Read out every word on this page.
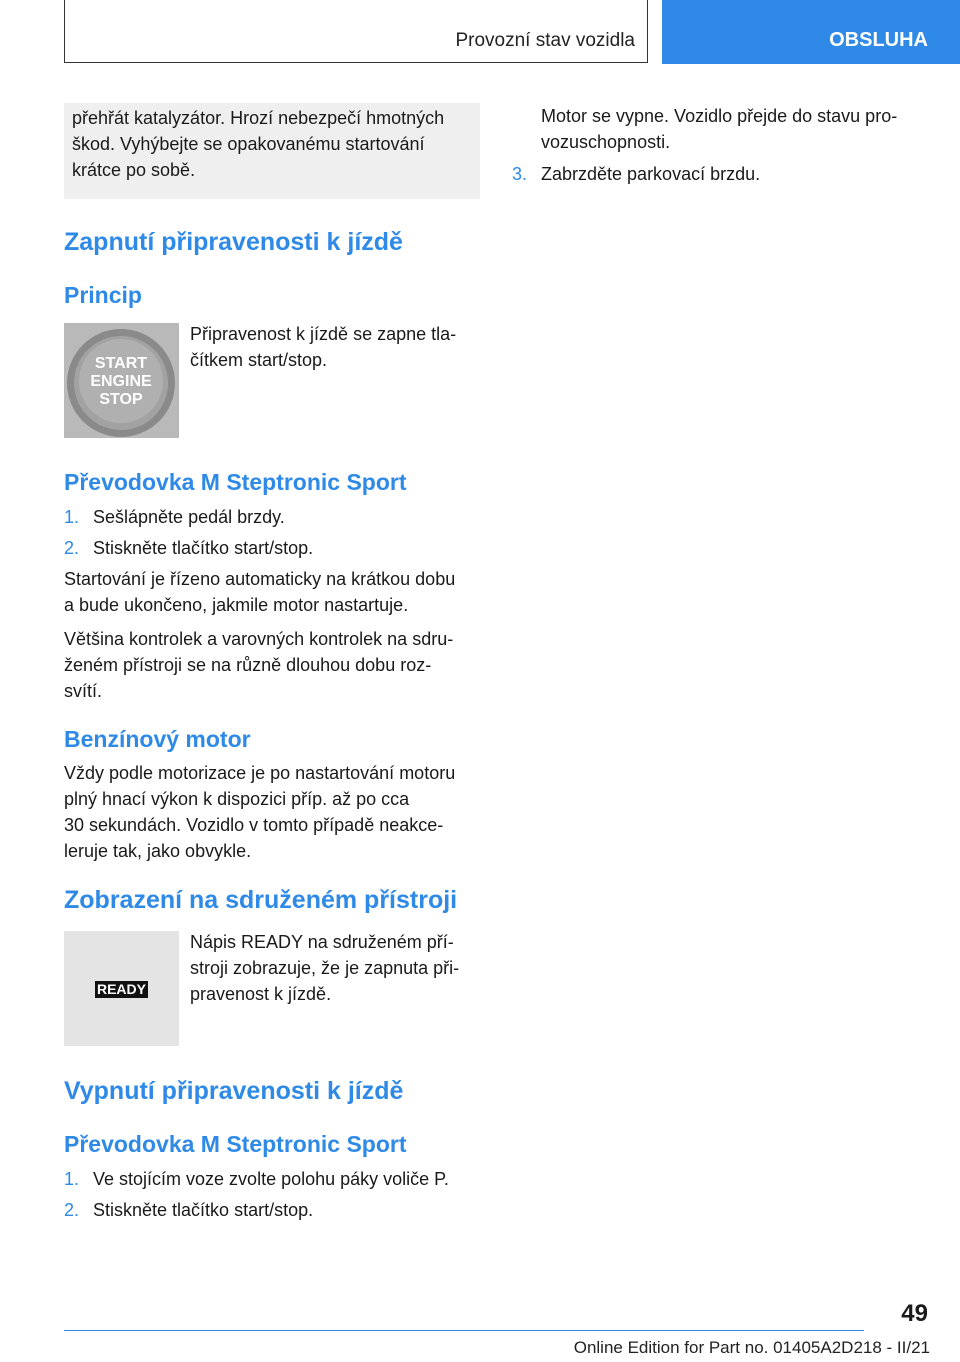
Provozní stav vozidla	OBSLUHA

přehřát katalyzátor. Hrozí nebezpečí hmotných

škod. Vyhýbejte se opakovanému startování

krátce po sobě.

Zapnutí připravenosti k jízdě
Princip
START
ENGINE
STOP

Připravenost k jízdě se zapne tla-

čítkem start/stop.

Převodovka M Steptronic Sport
1. Sešlápněte pedál brzdy.
2. Stiskněte tlačítko start/stop.

Startování je řízeno automaticky na krátkou dobu

a bude ukončeno, jakmile motor nastartuje.

Většina kontrolek a varovných kontrolek na sdru-

ženém přístroji se na různě dlouhou dobu roz-

svítí.

Benzínový motor

Vždy podle motorizace je po nastartování motoru

plný hnací výkon k dispozici příp. až po cca

30 sekundách. Vozidlo v tomto případě neakce-

leruje tak, jako obvykle.

Zobrazení na sdruženém přístroji
READY

Nápis READY na sdruženém pří-

stroji zobrazuje, že je zapnuta při-

pravenost k jízdě.

Vypnutí připravenosti k jízdě
Převodovka M Steptronic Sport
1. Ve stojícím voze zvolte polohu páky voliče P.
2. Stiskněte tlačítko start/stop.

Motor se vypne. Vozidlo přejde do stavu pro-

vozuschopnosti.

3. Zabrzděte parkovací brzdu.
49
Online Edition for Part no. 01405A2D218 - II/21
